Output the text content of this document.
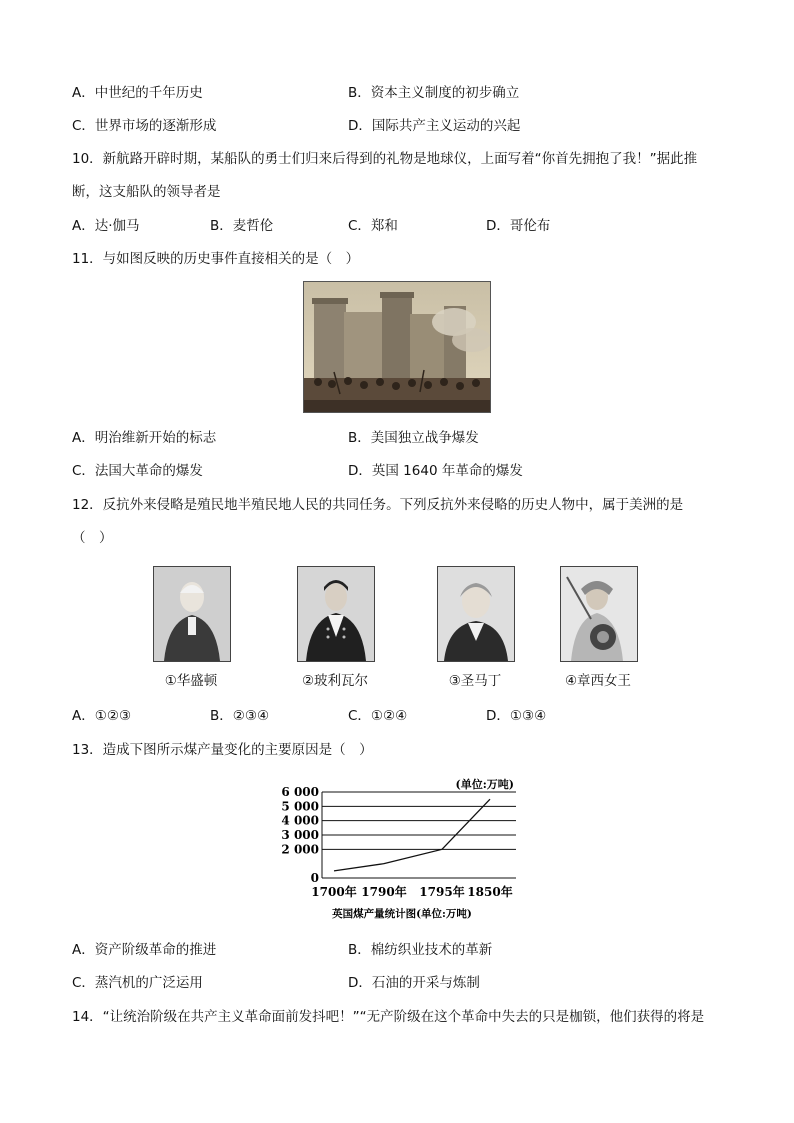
A．中世纪的千年历史	B．资本主义制度的初步确立
C．世界市场的逐渐形成	D．国际共产主义运动的兴起
10．新航路开辟时期，某船队的勇士们归来后得到的礼物是地球仪，上面写着“你首先拥抱了我！”据此推
断，这支船队的领导者是
A．达·伽马	B．麦哲伦	C．郑和	D．哥伦布
11．与如图反映的历史事件直接相关的是（　）
A．明治维新开始的标志	B．美国独立战争爆发
C．法国大革命的爆发	D．英国 1640 年革命的爆发
12．反抗外来侵略是殖民地半殖民地人民的共同任务。下列反抗外来侵略的历史人物中，属于美洲的是
（　）
①华盛顿	②玻利瓦尔	③圣马丁	④章西女王
A．①②③	B．②③④	C．①②④	D．①③④
13．造成下图所示煤产量变化的主要原因是（　）
0
2 000
3 000
4 000
5 000
6 000
1700年 1790年 1795年 1850年
(单位:万吨)
英国煤产量统计图(单位:万吨)
A．资产阶级革命的推进	B．棉纺织业技术的革新
C．蒸汽机的广泛运用	D．石油的开采与炼制
14．“让统治阶级在共产主义革命面前发抖吧！”“无产阶级在这个革命中失去的只是枷锁，他们获得的将是
